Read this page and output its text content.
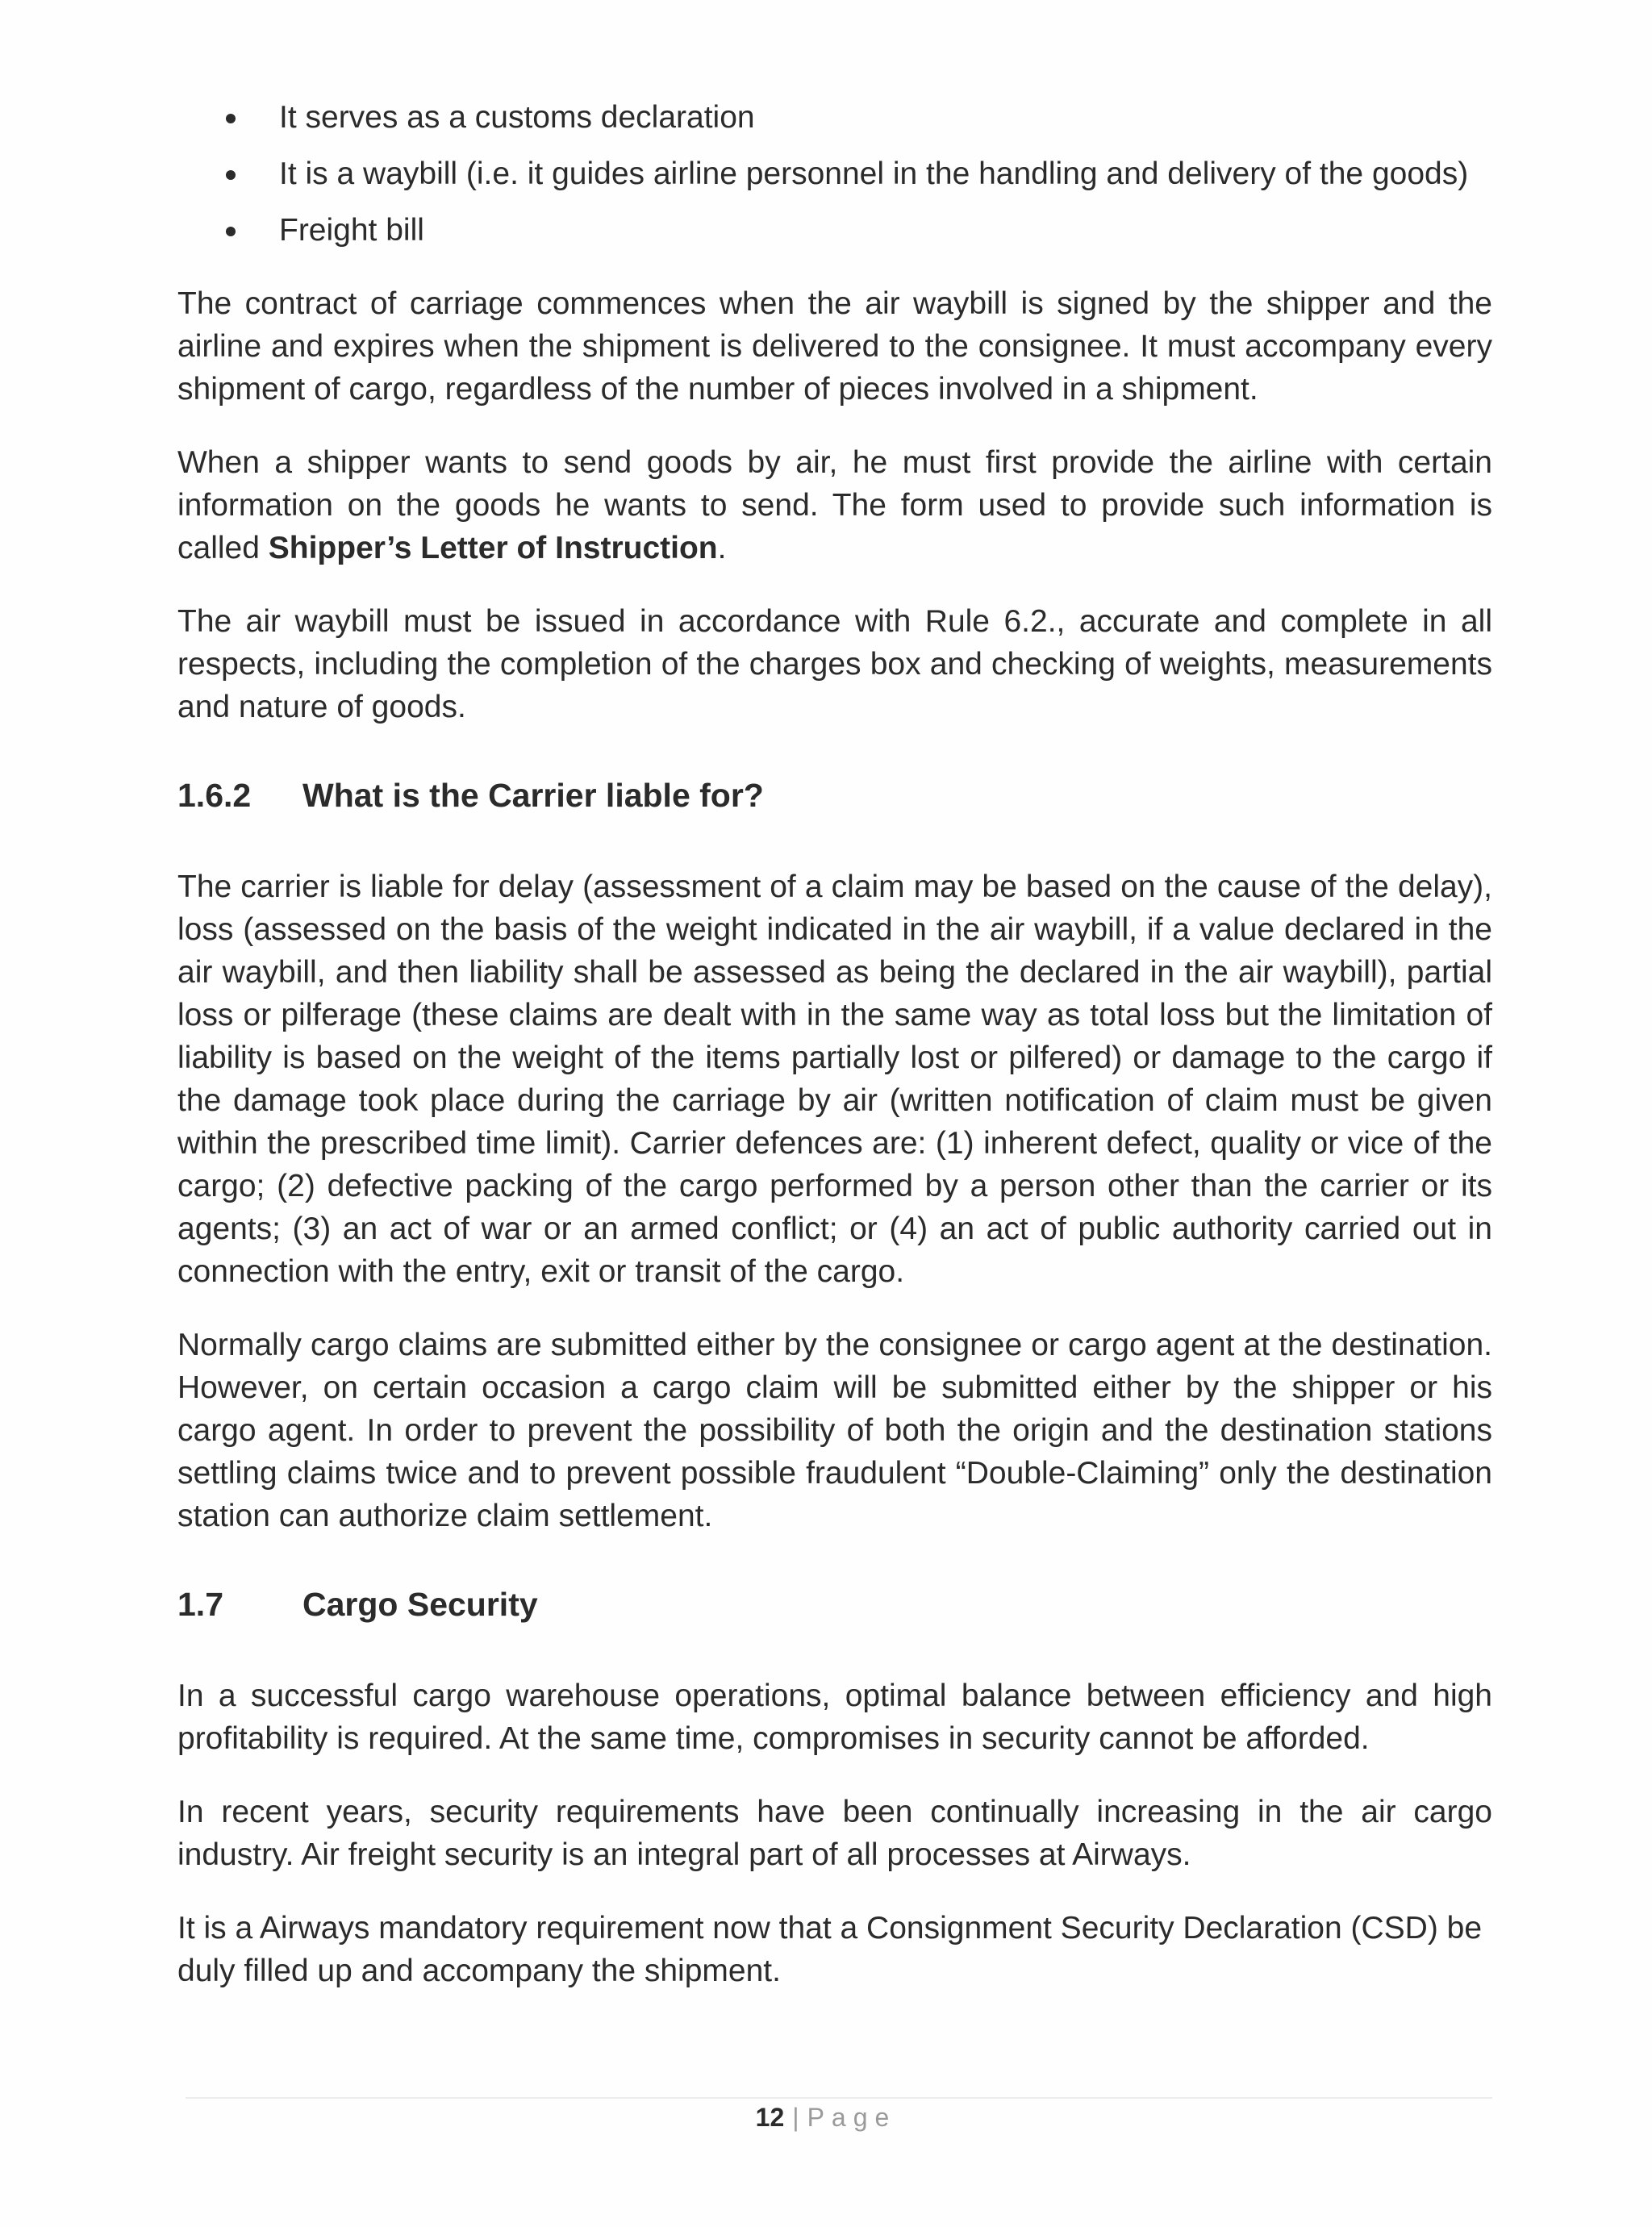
It serves as a customs declaration
It is a waybill (i.e. it guides airline personnel in the handling and delivery of the goods)
Freight bill

The contract of carriage commences when the air waybill is signed by the shipper and the airline and expires when the shipment is delivered to the consignee. It must accompany every shipment of cargo, regardless of the number of pieces involved in a shipment.

When a shipper wants to send goods by air, he must first provide the airline with certain information on the goods he wants to send. The form used to provide such information is called Shipper’s Letter of Instruction.

The air waybill must be issued in accordance with Rule 6.2., accurate and complete in all respects, including the completion of the charges box and checking of weights, measurements and nature of goods.

1.6.2 What is the Carrier liable for?

The carrier is liable for delay (assessment of a claim may be based on the cause of the delay), loss (assessed on the basis of the weight indicated in the air waybill, if a value declared in the air waybill, and then liability shall be assessed as being the declared in the air waybill), partial loss or pilferage (these claims are dealt with in the same way as total loss but the limitation of liability is based on the weight of the items partially lost or pilfered) or damage to the cargo if the damage took place during the carriage by air (written notification of claim must be given within the prescribed time limit). Carrier defences are: (1) inherent defect, quality or vice of the cargo; (2) defective packing of the cargo performed by a person other than the carrier or its agents; (3) an act of war or an armed conflict; or (4) an act of public authority carried out in connection with the entry, exit or transit of the cargo.

Normally cargo claims are submitted either by the consignee or cargo agent at the destination. However, on certain occasion a cargo claim will be submitted either by the shipper or his cargo agent. In order to prevent the possibility of both the origin and the destination stations settling claims twice and to prevent possible fraudulent “Double-Claiming” only the destination station can authorize claim settlement.

1.7 Cargo Security

In a successful cargo warehouse operations, optimal balance between efficiency and high profitability is required. At the same time, compromises in security cannot be afforded.

In recent years, security requirements have been continually increasing in the air cargo industry. Air freight security is an integral part of all processes at Airways.

It is a Airways mandatory requirement now that a Consignment Security Declaration (CSD) be duly filled up and accompany the shipment.

12 | Page
